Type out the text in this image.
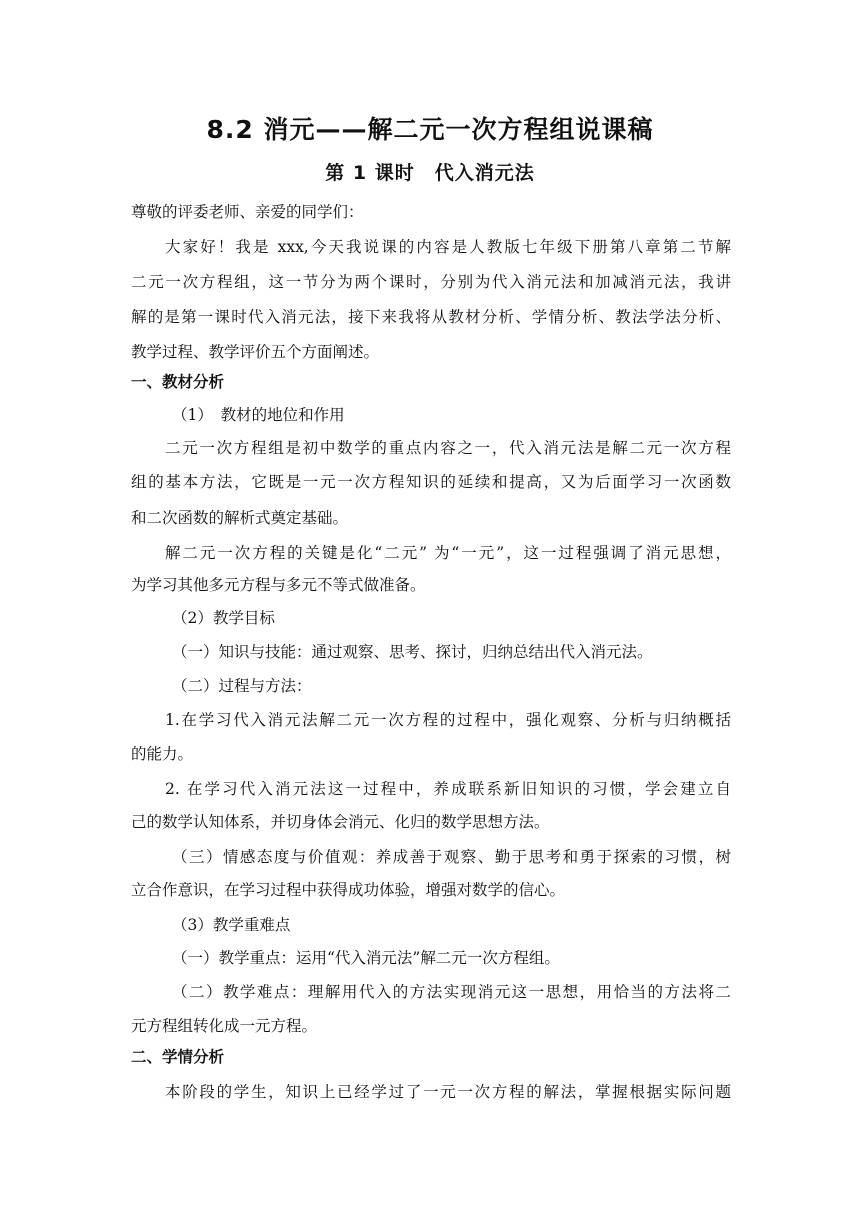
8.2 消元——解二元一次方程组说课稿
第 1 课时　代入消元法
尊敬的评委老师、亲爱的同学们：
大家好！我是 xxx,今天我说课的内容是人教版七年级下册第八章第二节解
二元一次方程组，这一节分为两个课时，分别为代入消元法和加减消元法，我讲
解的是第一课时代入消元法，接下来我将从教材分析、学情分析、教法学法分析、
教学过程、教学评价五个方面阐述。
一、教材分析
（1）　教材的地位和作用
二元一次方程组是初中数学的重点内容之一，代入消元法是解二元一次方程
组的基本方法，它既是一元一次方程知识的延续和提高，又为后面学习一次函数
和二次函数的解析式奠定基础。
解二元一次方程的关键是化“二元” 为“一元”，这一过程强调了消元思想，
为学习其他多元方程与多元不等式做准备。
（2）教学目标
（一）知识与技能：通过观察、思考、探讨，归纳总结出代入消元法。
（二）过程与方法：
1.在学习代入消元法解二元一次方程的过程中，强化观察、分析与归纳概括
的能力。
2. 在学习代入消元法这一过程中，养成联系新旧知识的习惯，学会建立自
己的数学认知体系，并切身体会消元、化归的数学思想方法。
（三）情感态度与价值观：养成善于观察、勤于思考和勇于探索的习惯，树
立合作意识，在学习过程中获得成功体验，增强对数学的信心。
（3）教学重难点
（一）教学重点：运用“代入消元法”解二元一次方程组。
（二）教学难点：理解用代入的方法实现消元这一思想，用恰当的方法将二
元方程组转化成一元方程。
二、学情分析
本阶段的学生，知识上已经学过了一元一次方程的解法，掌握根据实际问题
